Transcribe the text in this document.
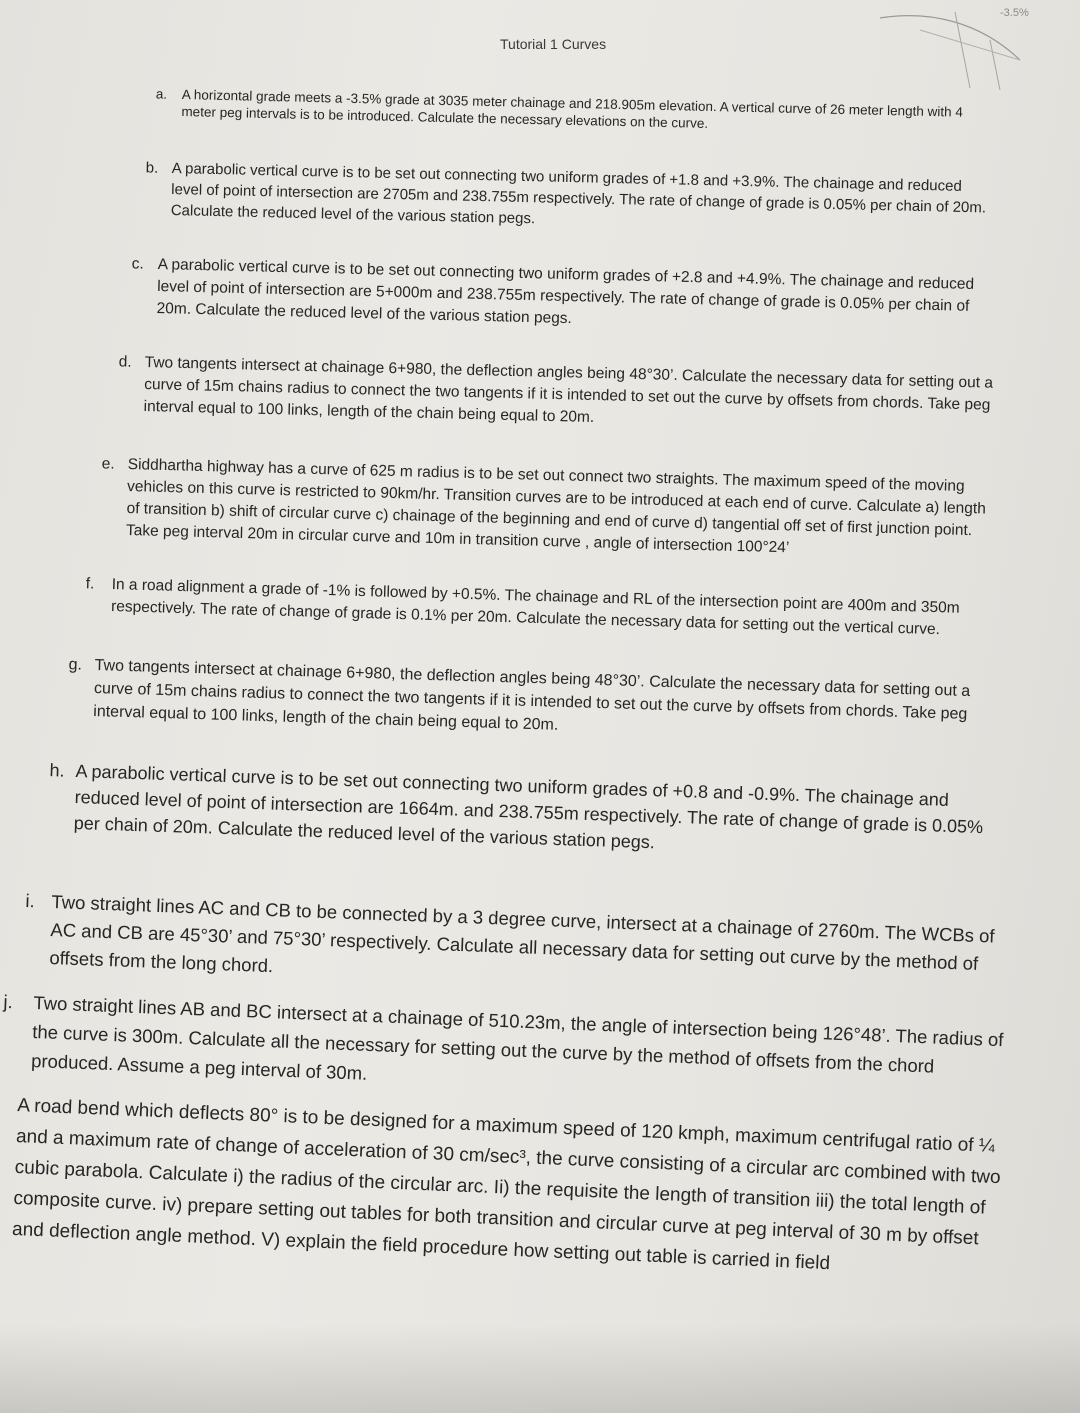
-3.5%
Tutorial 1 Curves
a. A horizontal grade meets a -3.5% grade at 3035 meter chainage and 218.905m elevation. A vertical curve of 26 meter length with 4 meter peg intervals is to be introduced. Calculate the necessary elevations on the curve.

b. A parabolic vertical curve is to be set out connecting two uniform grades of +1.8 and +3.9%. The chainage and reduced level of point of intersection are 2705m and 238.755m respectively. The rate of change of grade is 0.05% per chain of 20m. Calculate the reduced level of the various station pegs.

c. A parabolic vertical curve is to be set out connecting two uniform grades of +2.8 and +4.9%. The chainage and reduced level of point of intersection are 5+000m and 238.755m respectively. The rate of change of grade is 0.05% per chain of 20m. Calculate the reduced level of the various station pegs.

d. Two tangents intersect at chainage 6+980, the deflection angles being 48°30’. Calculate the necessary data for setting out a curve of 15m chains radius to connect the two tangents if it is intended to set out the curve by offsets from chords. Take peg interval equal to 100 links, length of the chain being equal to 20m.

e. Siddhartha highway has a curve of 625 m radius is to be set out connect two straights. The maximum speed of the moving vehicles on this curve is restricted to 90km/hr. Transition curves are to be introduced at each end of curve. Calculate a) length of transition b) shift of circular curve c) chainage of the beginning and end of curve d) tangential off set of first junction point. Take peg interval 20m in circular curve and 10m in transition curve , angle of intersection 100°24’

f. In a road alignment a grade of -1% is followed by +0.5%. The chainage and RL of the intersection point are 400m and 350m respectively. The rate of change of grade is 0.1% per 20m. Calculate the necessary data for setting out the vertical curve.

g. Two tangents intersect at chainage 6+980, the deflection angles being 48°30’. Calculate the necessary data for setting out a curve of 15m chains radius to connect the two tangents if it is intended to set out the curve by offsets from chords. Take peg interval equal to 100 links, length of the chain being equal to 20m.

h. A parabolic vertical curve is to be set out connecting two uniform grades of +0.8 and -0.9%. The chainage and reduced level of point of intersection are 1664m. and 238.755m respectively. The rate of change of grade is 0.05% per chain of 20m. Calculate the reduced level of the various station pegs.

i. Two straight lines AC and CB to be connected by a 3 degree curve, intersect at a chainage of 2760m. The WCBs of AC and CB are 45°30’ and 75°30’ respectively. Calculate all necessary data for setting out curve by the method of offsets from the long chord.

j. Two straight lines AB and BC intersect at a chainage of 510.23m, the angle of intersection being 126°48’. The radius of the curve is 300m. Calculate all the necessary for setting out the curve by the method of offsets from the chord produced. Assume a peg interval of 30m.

A road bend which deflects 80° is to be designed for a maximum speed of 120 kmph, maximum centrifugal ratio of ¼ and a maximum rate of change of acceleration of 30 cm/sec³, the curve consisting of a circular arc combined with two cubic parabola. Calculate i) the radius of the circular arc. Ii) the requisite the length of transition iii) the total length of composite curve. iv) prepare setting out tables for both transition and circular curve at peg interval of 30 m by offset and deflection angle method. V) explain the field procedure how setting out table is carried in field
